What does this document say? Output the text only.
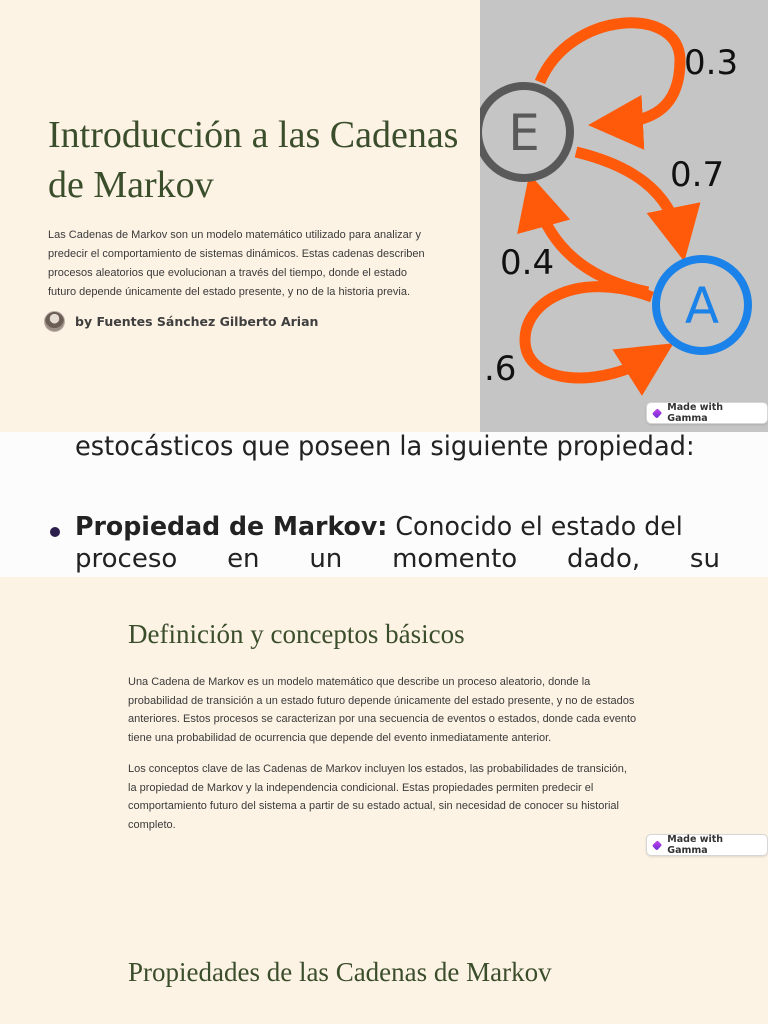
Introducción a las Cadenas de Markov

Las Cadenas de Markov son un modelo matemático utilizado para analizar y predecir el comportamiento de sistemas dinámicos. Estas cadenas describen procesos aleatorios que evolucionan a través del tiempo, donde el estado futuro depende únicamente del estado presente, y no de la historia previa.

by Fuentes Sánchez Gilberto Arian
E
A
0.3
0.7
0.4
.6
Made with Gamma

estocásticos que poseen la siguiente propiedad:

Propiedad de Markov: Conocido el estado del

proceso en un momento dado, su

Definición y conceptos básicos

Una Cadena de Markov es un modelo matemático que describe un proceso aleatorio, donde la probabilidad de transición a un estado futuro depende únicamente del estado presente, y no de estados anteriores. Estos procesos se caracterizan por una secuencia de eventos o estados, donde cada evento tiene una probabilidad de ocurrencia que depende del evento inmediatamente anterior.

Los conceptos clave de las Cadenas de Markov incluyen los estados, las probabilidades de transición, la propiedad de Markov y la independencia condicional. Estas propiedades permiten predecir el comportamiento futuro del sistema a partir de su estado actual, sin necesidad de conocer su historial completo.

Propiedades de las Cadenas de Markov
Made with Gamma
